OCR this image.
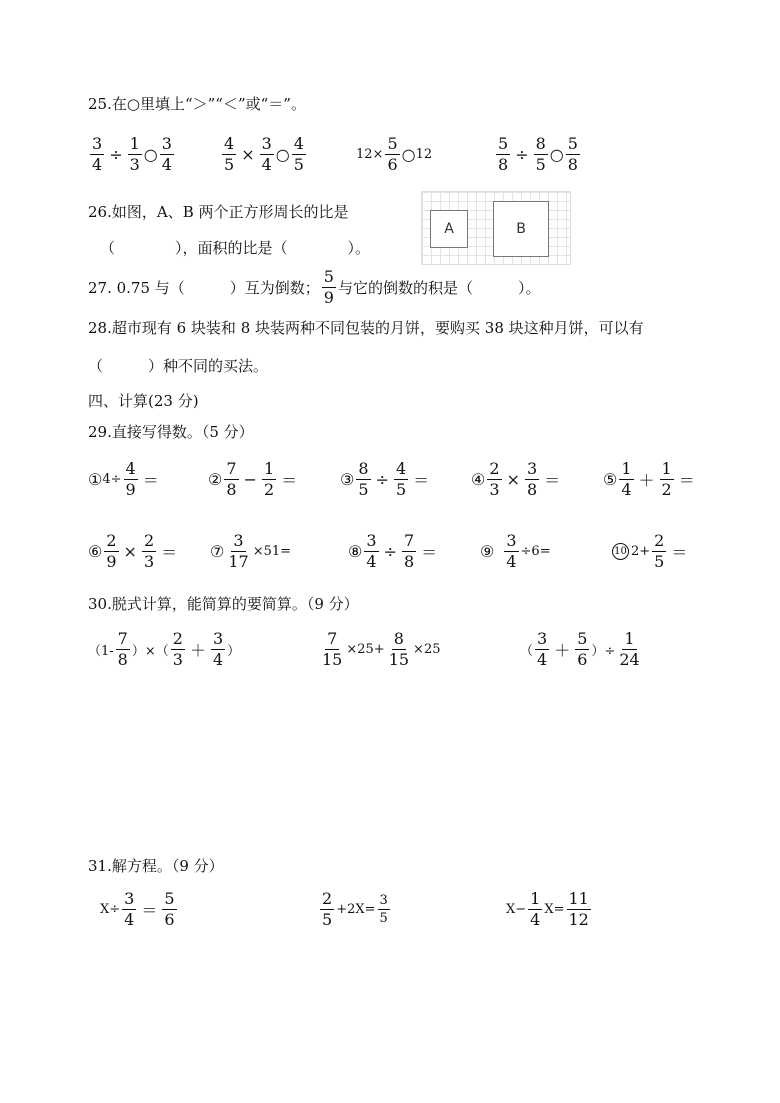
25.在○里填上“＞”“＜”或“＝”。
$\frac{3}{4} \div \frac{1}{3}$ ○ $\frac{3}{4}$	$\frac{4}{5} \times \frac{3}{4}$ ○ $\frac{4}{5}$	$12\times \frac{5}{6}$ ○ 12	$\frac{5}{8} \div \frac{8}{5}$ ○ $\frac{5}{8}$
26.如图，A、B 两个正方形周长的比是
（　　　　），面积的比是（　　　　）。
A	B
27. 0.75 与（　　　）互为倒数； $\frac{5}{9}$ 与它的倒数的积是（　　　）。
28.超市现有 6 块装和 8 块装两种不同包装的月饼，要购买 38 块这种月饼，可以有
（　　　）种不同的买法。
四、计算(23 分)
29.直接写得数。（5 分）
① $4\div \frac{4}{9}$ ＝	② $\frac{7}{8} - \frac{1}{2}$ ＝	③ $\frac{8}{5} \div \frac{4}{5}$ ＝	④ $\frac{2}{3} \times \frac{3}{8}$ ＝	⑤ $\frac{1}{4} + \frac{1}{2}$ ＝
⑥ $\frac{2}{9} \times \frac{2}{3}$ ＝ ⑦ $\frac{3}{17} \times 51=$	⑧ $\frac{3}{4} \div \frac{7}{8}$ ＝	⑨ $\frac{3}{4} \div 6=$	10 $2+ \frac{2}{5}$ ＝
30.脱式计算，能简算的要简算。（9 分）
（$1- \frac{7}{8}$ ）×（ $\frac{2}{3} + \frac{3}{4}$ ）	$\frac{7}{15} \times 25+ \frac{8}{15} \times 25$	（ $\frac{3}{4} + \frac{5}{6}$ ）÷ $\frac{1}{24}$
31.解方程。（9 分）
$X\div \frac{3}{4} = \frac{5}{6}$	$\frac{2}{5} +2X= \frac{3}{5}$	$X- \frac{1}{4} X= \frac{11}{12}$
